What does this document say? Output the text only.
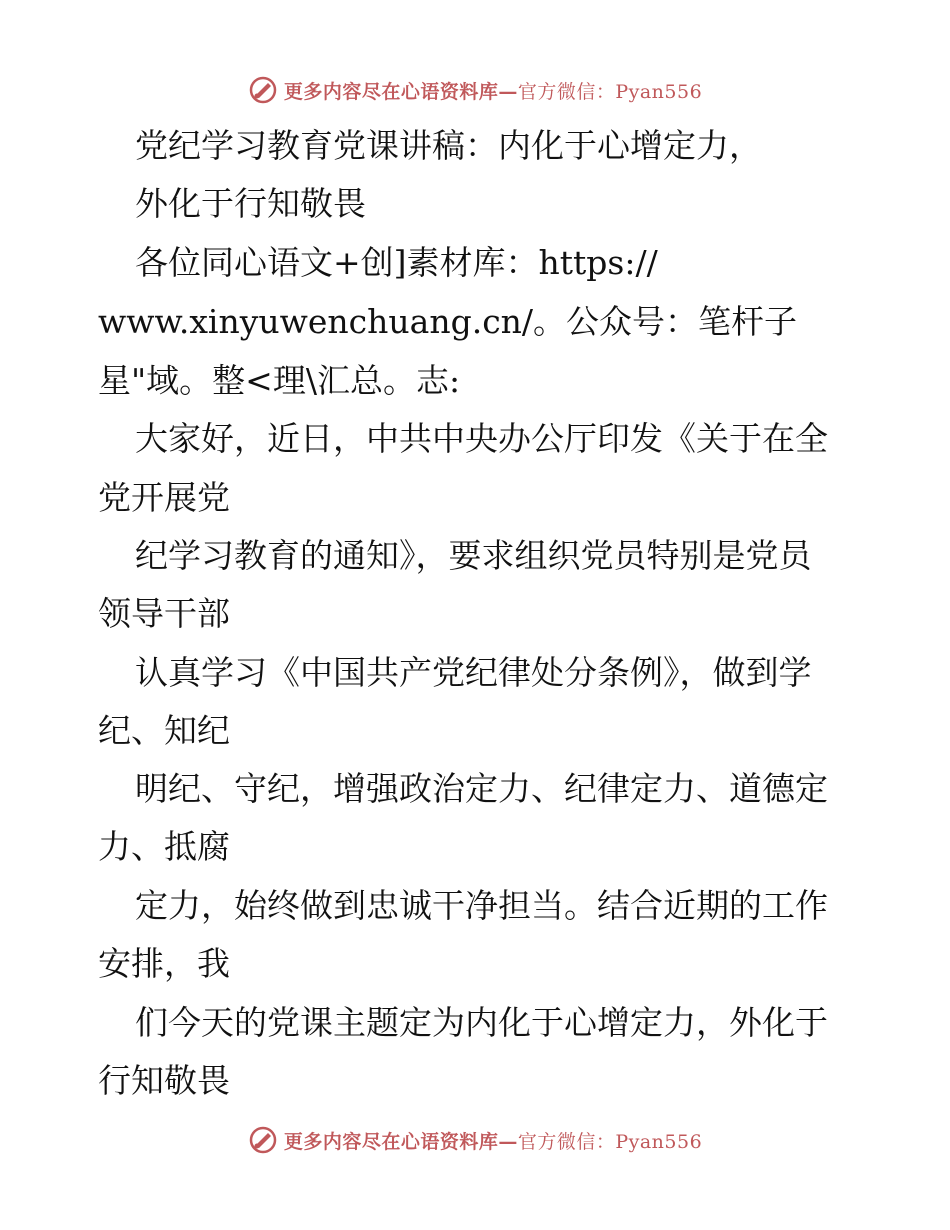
更多内容尽在心语资料库—官方微信：Pyan556
党纪学习教育党课讲稿：内化于心增定力，
外化于行知敬畏
各位同心语文+创]素材库：https://
www.xinyuwenchuang.cn/。公众号：笔杆子
星"域。整<理\汇总。志:
大家好，近日，中共中央办公厅印发《关于在全
党开展党
纪学习教育的通知》，要求组织党员特别是党员
领导干部
认真学习《中国共产党纪律处分条例》，做到学
纪、知纪
明纪、守纪，增强政治定力、纪律定力、道德定
力、抵腐
定力，始终做到忠诚干净担当。结合近期的工作
安排，我
们今天的党课主题定为内化于心增定力，外化于
行知敬畏
更多内容尽在心语资料库—官方微信：Pyan556
